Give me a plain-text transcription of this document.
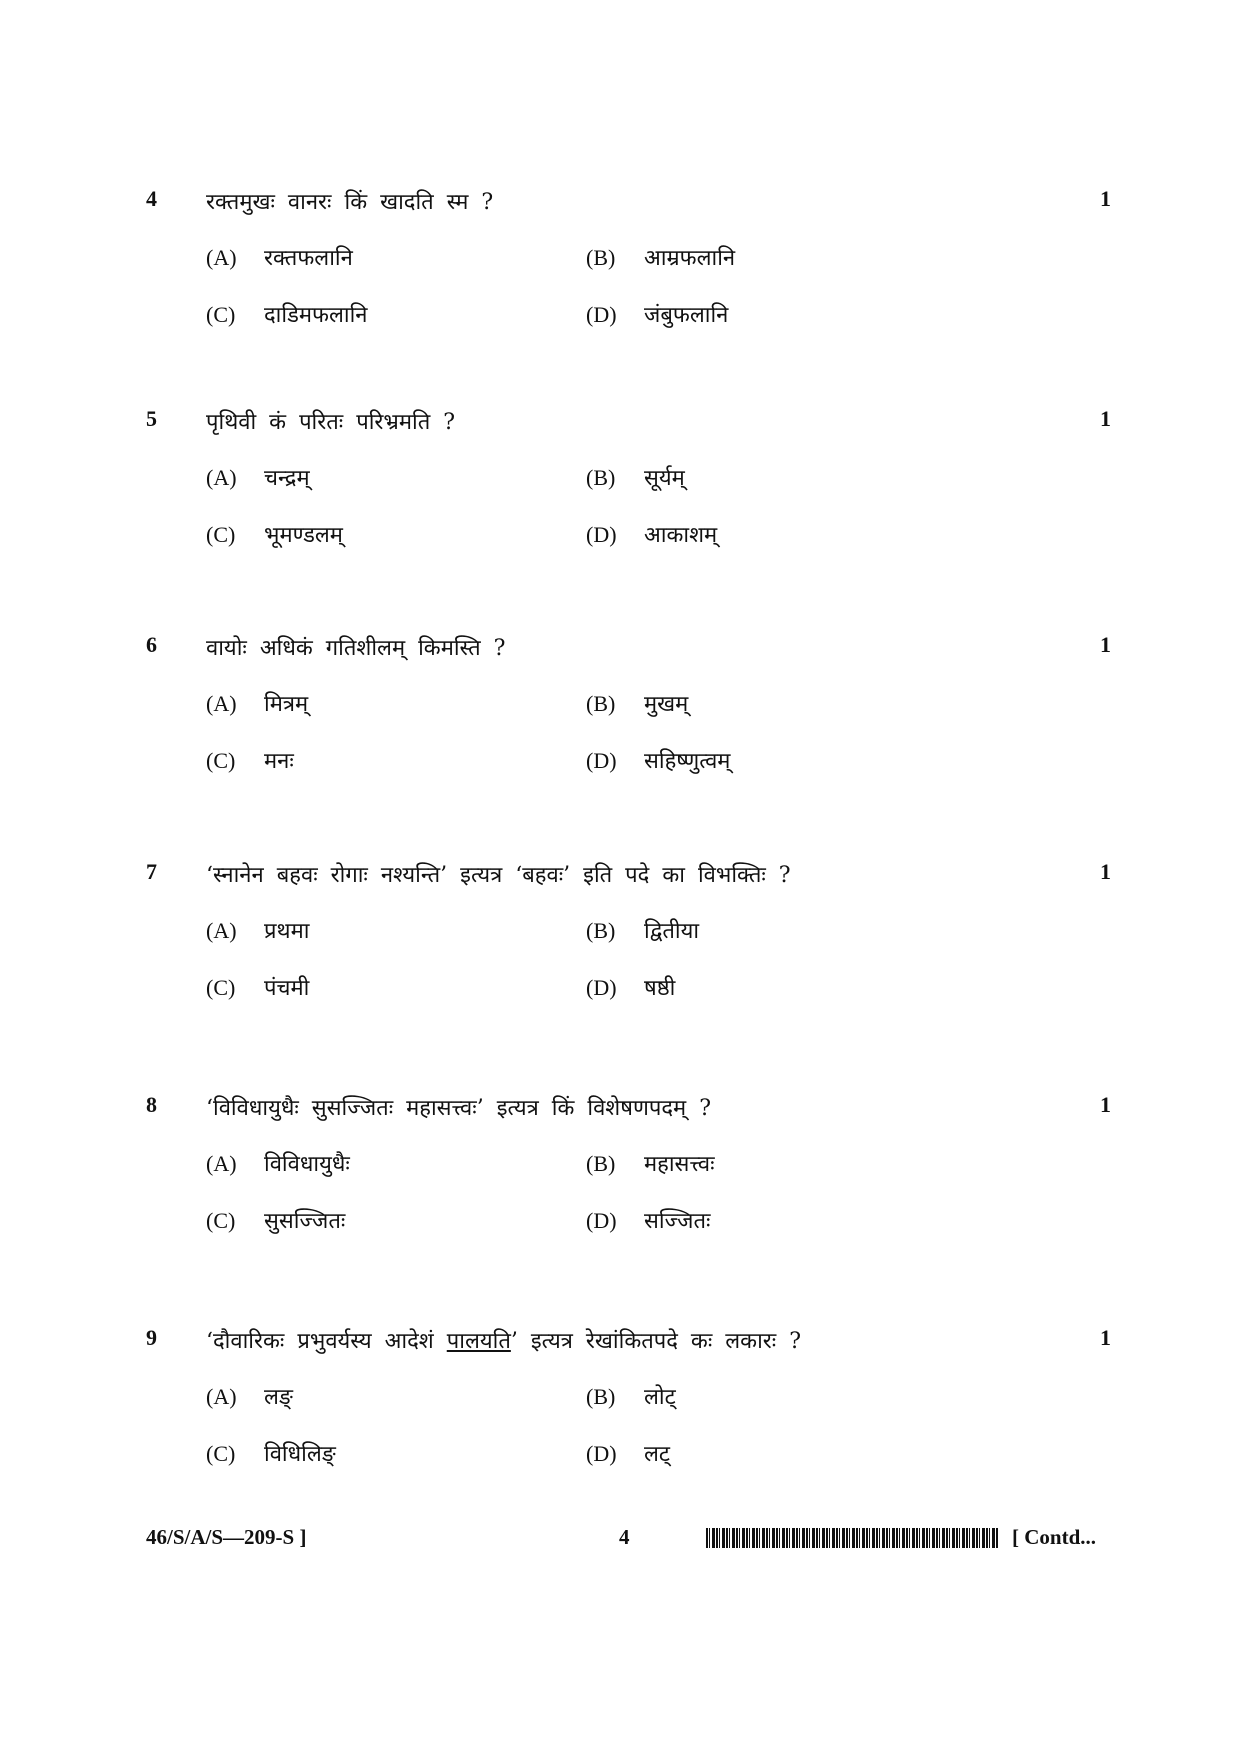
4 रक्तमुखः वानरः किं खादति स्म ?	1
(A) रक्तफलानि	(B) आम्रफलानि
(C) दाडिमफलानि	(D) जंबुफलानि
5 पृथिवी कं परितः परिभ्रमति ?	1
(A) चन्द्रम्	(B) सूर्यम्
(C) भूमण्डलम्	(D) आकाशम्
6 वायोः अधिकं गतिशीलम् किमस्ति ?	1
(A) मित्रम्	(B) मुखम्
(C) मनः	(D) सहिष्णुत्वम्
7 ‘स्नानेन बहवः रोगाः नश्यन्ति’ इत्यत्र ‘बहवः’ इति पदे का विभक्तिः ?	1
(A) प्रथमा	(B) द्वितीया
(C) पंचमी	(D) षष्ठी
8 ‘विविधायुधैः सुसज्जितः महासत्त्वः’ इत्यत्र किं विशेषणपदम् ?	1
(A) विविधायुधैः	(B) महासत्त्वः
(C) सुसज्जितः	(D) सज्जितः
9 ‘दौवारिकः प्रभुवर्यस्य आदेशं पालयति’ इत्यत्र रेखांकितपदे कः लकारः ?	1
(A) लङ्	(B) लोट्
(C) विधिलिङ्	(D) लट्
46/S/A/S—209-S ]	4	[ Contd...
